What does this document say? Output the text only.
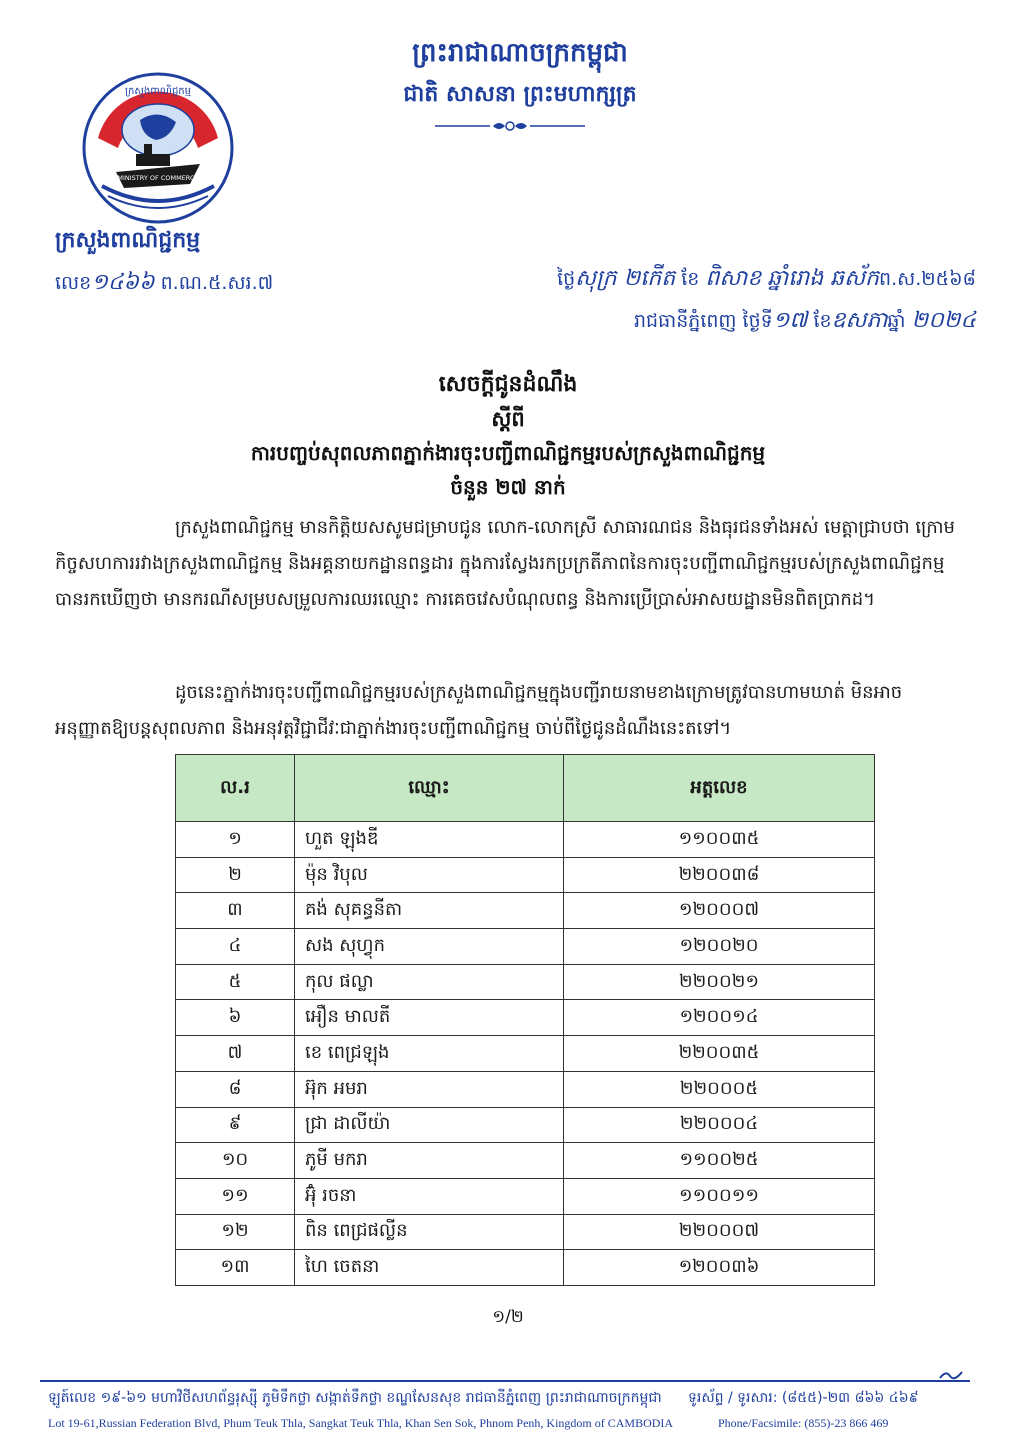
ព្រះរាជាណាចក្រកម្ពុជា
ជាតិ សាសនា ព្រះមហាក្សត្រ
MINISTRY OF COMMERCE
ក្រសួងពាណិជ្ជកម្ម
ក្រសួងពាណិជ្ជកម្ម
លេខ១៤៦៦ ព.ណ.៥.សរ.៧	ថ្ងៃសុក្រ ២កើត ខែ ពិសាខ ឆ្នាំរោង ឆស័កព.ស.២៥៦៨
រាជធានីភ្នំពេញ ថ្ងៃទី១៧ ខែឧសភាឆ្នាំ ២០២៤
សេចក្តីជូនដំណឹង
ស្តីពី
ការបញ្ចប់សុពលភាពភ្នាក់ងារចុះបញ្ជីពាណិជ្ជកម្មរបស់ក្រសួងពាណិជ្ជកម្ម
ចំនួន ២៧ នាក់
ក្រសួងពាណិជ្ជកម្ម មានកិត្តិយសសូមជម្រាបជូន លោក-លោកស្រី សាធារណជន និងធុរជនទាំងអស់ មេត្តាជ្រាបថា ក្រោមកិច្ចសហការរវាងក្រសួងពាណិជ្ជកម្ម និងអគ្គនាយកដ្ឋានពន្ធដារ ក្នុងការស្វែងរកប្រក្រតីភាពនៃការចុះបញ្ជីពាណិជ្ជកម្មរបស់ក្រសួងពាណិជ្ជកម្ម បានរកឃើញថា មានករណីសម្របសម្រួលការឈរឈ្មោះ ការគេចវេសបំណុលពន្ធ និងការប្រើប្រាស់អាសយដ្ឋានមិនពិតប្រាកដ។
ដូចនេះភ្នាក់ងារចុះបញ្ជីពាណិជ្ជកម្មរបស់ក្រសួងពាណិជ្ជកម្មក្នុងបញ្ជីរាយនាមខាងក្រោមត្រូវបានហាមឃាត់ មិនអាចអនុញ្ញាតឱ្យបន្តសុពលភាព និងអនុវត្តវិជ្ជាជីវៈជាភ្នាក់ងារចុះបញ្ជីពាណិជ្ជកម្ម ចាប់ពីថ្ងៃជូនដំណឹងនេះតទៅ។
ល.រ	ឈ្មោះ	អត្តលេខ
១	ហួត ឡុងឌី	១១០០៣៥
២	ម៉ុន វិបុល	២២០០៣៨
៣	គង់ សុគន្ធនីតា	១២០០០៧
៤	សង សុហ្វុក	១២០០២០
៥	កុល ផល្លា	២២០០២១
៦	អឿន មាលតី	១២០០១៤
៧	ខេ ពេជ្រឡុង	២២០០៣៥
៨	អ៊ុក អមរា	២២០០០៥
៩	ជ្រា ដាលីយ៉ា	២២០០០៤
១០	ភូមី មករា	១១០០២៥
១១	អ៊ុំ រចនា	១១០០១១
១២	ពិន ពេជ្រផល្លីន	២២០០០៧
១៣	ហៃ ចេតនា	១២០០៣៦
១/២
ឡូត៍លេខ ១៩-៦១ មហាវិថីសហព័ន្ធរុស្ស៊ី ភូមិទឹកថ្លា សង្កាត់ទឹកថ្លា ខណ្ឌសែនសុខ រាជធានីភ្នំពេញ ព្រះរាជាណាចក្រកម្ពុជា ទូរស័ព្ទ / ទូរសារ: (៨៥៥)-២៣ ៨៦៦ ៤៦៩
Lot 19-61,Russian Federation Blvd, Phum Teuk Thla, Sangkat Teuk Thla, Khan Sen Sok, Phnom Penh, Kingdom of CAMBODIA	Phone/Facsimile: (855)-23 866 469
